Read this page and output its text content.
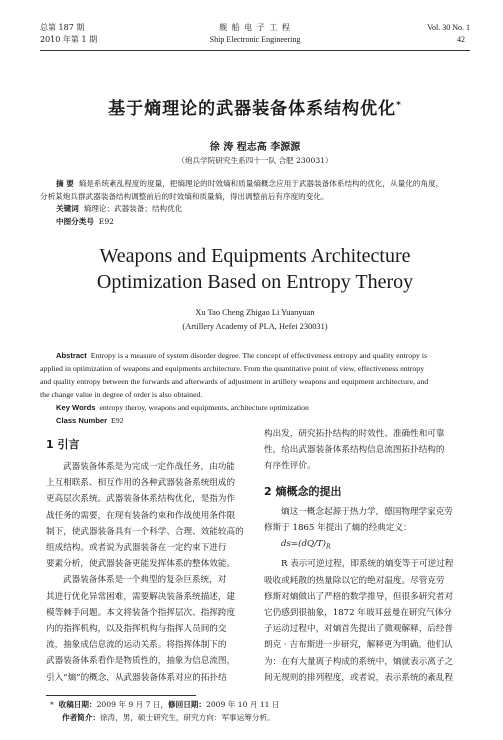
总第 187 期
2010 年第 1 期
舰 船 电 子 工 程
Ship Electronic Engineering
Vol. 30 No. 1
42
基于熵理论的武器装备体系结构优化*
徐 涛 程志高 李源源
（炮兵学院研究生系四十一队 合肥 230031）

摘 要 熵是系统紊乱程度的度量，把熵理论的时效熵和质量熵概念应用于武器装备体系结构的优化，从量化的角度，

分析某炮兵群武器装备结构调整前后的时效熵和质量熵，得出调整前后有序度的变化。

关键词 熵理论；武器装备；结构优化

中图分类号 E92

Weapons and Equipments Architecture
Optimization Based on Entropy Theroy
Xu Tao Cheng Zhigao Li Yuanyuan
(Artillery Academy of PLA, Hefei 230031)

Abstract Entropy is a measure of system disorder degree. The concept of effectiveness entropy and quality entropy is

applied in optimization of weapons and equipments architecture. From the quantitative point of view, effectiveness entropy

and quality entropy between the forwards and afterwards of adjustment in artillery weapons and equipment architecture, and

the change value in degree of order is also obtained.

Key Words entropy theroy, weapons and equipments, architecture optimization

Class Number E92

1 引言

武器装备体系是为完成一定作战任务，由功能

上互相联系、相互作用的各种武器装备系统组成的

更高层次系统。武器装备体系结构优化，是指为作

战任务的需要，在现有装备约束和作战使用条件限

制下，使武器装备具有一个科学、合理、效能较高的

组成结构。或者说为武器装备在一定约束下进行

要素分析，使武器装备更能发挥体系的整体效能。

武器装备体系是一个典型的复杂巨系统，对

其进行优化异常困难，需要解决装备系统描述，建

模等棘手问题。本文将装备个指挥层次、指挥跨度

内的指挥机构，以及指挥机构与指挥人员间的交

流，抽象成信息流的运动关系。将指挥体制下的

武器装备体系看作是物质性的，抽象为信息流图，

引入“熵”的概念，从武器装备体系对应的拓扑结

构出发，研究拓扑结构的时效性、准确性和可靠

性，给出武器装备体系结构信息流图拓扑结构的

有序性评价。

2 熵概念的提出

熵这一概念起源于热力学，德国物理学家克劳

修斯于 1865 年提出了熵的经典定义：

$ds=(dQ/T)_R$

R 表示可逆过程，即系统的熵变等于可逆过程

吸收或耗散的热量除以它的绝对温度。尽管克劳

修斯对熵做出了严格的数学推导，但很多研究者对

它仍感到很抽象，1872 年玻耳兹曼在研究气体分

子运动过程中，对熵首先提出了微观解释，后经普

朗克 · 吉布斯进一步研究，解释更为明确。他们认

为：在有大量离子构成的系统中，熵就表示离子之

间无规则的排列程度，或者说，表示系统的紊乱程

* 收稿日期：2009 年 9 月 7 日，修回日期：2009 年 10 月 11 日

作者简介：徐涛，男，硕士研究生，研究方向：军事运筹分析。
